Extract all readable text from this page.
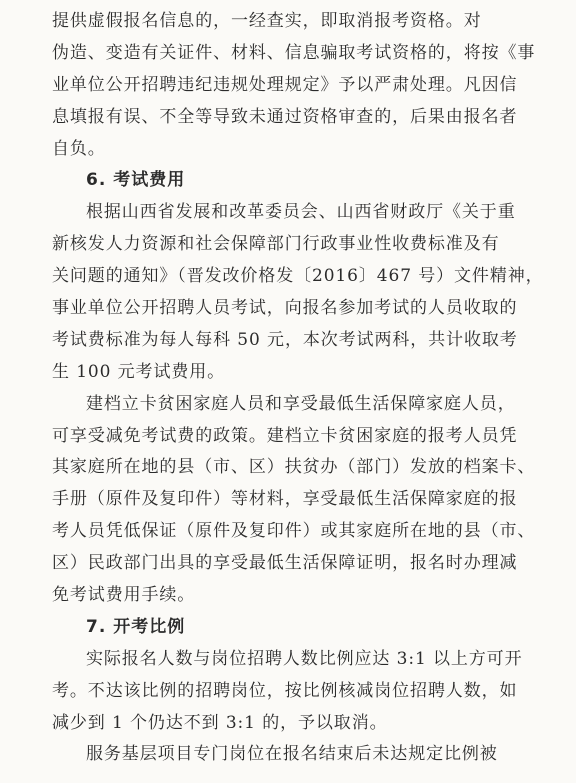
提供虚假报名信息的，一经查实，即取消报考资格。对
伪造、变造有关证件、材料、信息骗取考试资格的，将按《事
业单位公开招聘违纪违规处理规定》予以严肃处理。凡因信
息填报有误、不全等导致未通过资格审查的，后果由报名者
自负。
6. 考试费用
根据山西省发展和改革委员会、山西省财政厅《关于重
新核发人力资源和社会保障部门行政事业性收费标准及有
关问题的通知》（晋发改价格发〔2016〕467 号）文件精神，
事业单位公开招聘人员考试，向报名参加考试的人员收取的
考试费标准为每人每科 50 元，本次考试两科，共计收取考
生 100 元考试费用。
建档立卡贫困家庭人员和享受最低生活保障家庭人员，
可享受减免考试费的政策。建档立卡贫困家庭的报考人员凭
其家庭所在地的县（市、区）扶贫办（部门）发放的档案卡、
手册（原件及复印件）等材料，享受最低生活保障家庭的报
考人员凭低保证（原件及复印件）或其家庭所在地的县（市、
区）民政部门出具的享受最低生活保障证明，报名时办理减
免考试费用手续。
7. 开考比例
实际报名人数与岗位招聘人数比例应达 3:1 以上方可开
考。不达该比例的招聘岗位，按比例核减岗位招聘人数，如
减少到 1 个仍达不到 3:1 的，予以取消。
服务基层项目专门岗位在报名结束后未达规定比例被
